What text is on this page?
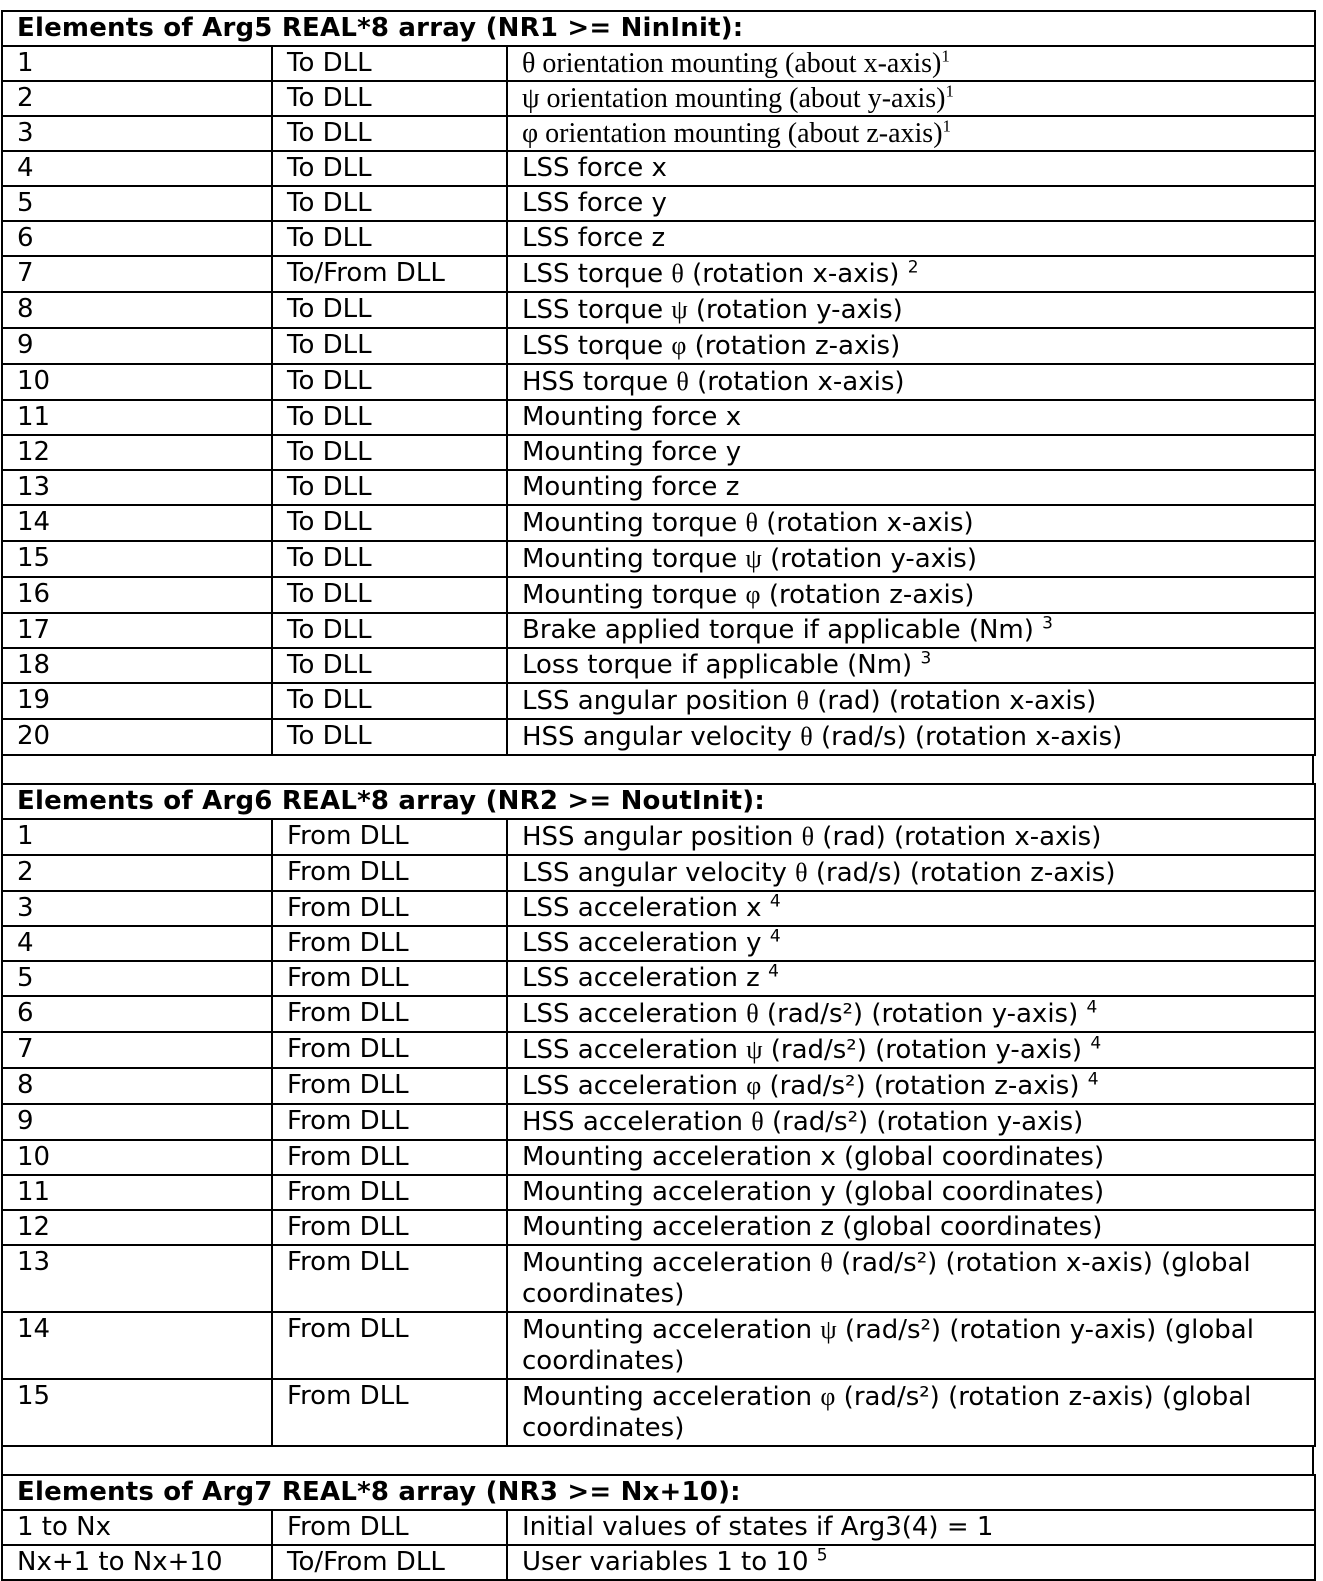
Elements of Arg5 REAL*8 array (NR1 >= NinInit):		
1	To DLL	θ orientation mounting (about x-axis)$^1$
2	To DLL	ψ orientation mounting (about y-axis)$^1$
3	To DLL	φ orientation mounting (about z-axis)$^1$
4	To DLL	LSS force x
5	To DLL	LSS force y
6	To DLL	LSS force z
7	To/From DLL	LSS torque θ (rotation x-axis) $^2$
8	To DLL	LSS torque ψ (rotation y-axis)
9	To DLL	LSS torque φ (rotation z-axis)
10	To DLL	HSS torque θ (rotation x-axis)
11	To DLL	Mounting force x
12	To DLL	Mounting force y
13	To DLL	Mounting force z
14	To DLL	Mounting torque θ (rotation x-axis)
15	To DLL	Mounting torque ψ (rotation y-axis)
16	To DLL	Mounting torque φ (rotation z-axis)
17	To DLL	Brake applied torque if applicable (Nm) $^3$
18	To DLL	Loss torque if applicable (Nm) $^3$
19	To DLL	LSS angular position θ (rad) (rotation x-axis)
20	To DLL	HSS angular velocity θ (rad/s) (rotation x-axis)
Elements of Arg6 REAL*8 array (NR2 >= NoutInit):		
1	From DLL	HSS angular position θ (rad) (rotation x-axis)
2	From DLL	LSS angular velocity θ (rad/s) (rotation z-axis)
3	From DLL	LSS acceleration x $^4$
4	From DLL	LSS acceleration y $^4$
5	From DLL	LSS acceleration z $^4$
6	From DLL	LSS acceleration θ (rad/s²) (rotation y-axis) $^4$
7	From DLL	LSS acceleration ψ (rad/s²) (rotation y-axis) $^4$
8	From DLL	LSS acceleration φ (rad/s²) (rotation z-axis) $^4$
9	From DLL	HSS acceleration θ (rad/s²) (rotation y-axis)
10	From DLL	Mounting acceleration x (global coordinates)
11	From DLL	Mounting acceleration y (global coordinates)
12	From DLL	Mounting acceleration z (global coordinates)
13	From DLL	Mounting acceleration θ (rad/s²) (rotation x-axis) (global coordinates)
14	From DLL	Mounting acceleration ψ (rad/s²) (rotation y-axis) (global coordinates)
15	From DLL	Mounting acceleration φ (rad/s²) (rotation z-axis) (global coordinates)
Elements of Arg7 REAL*8 array (NR3 >= Nx+10):		
1 to Nx	From DLL	Initial values of states if Arg3(4) = 1
Nx+1 to Nx+10	To/From DLL	User variables 1 to 10 $^5$
